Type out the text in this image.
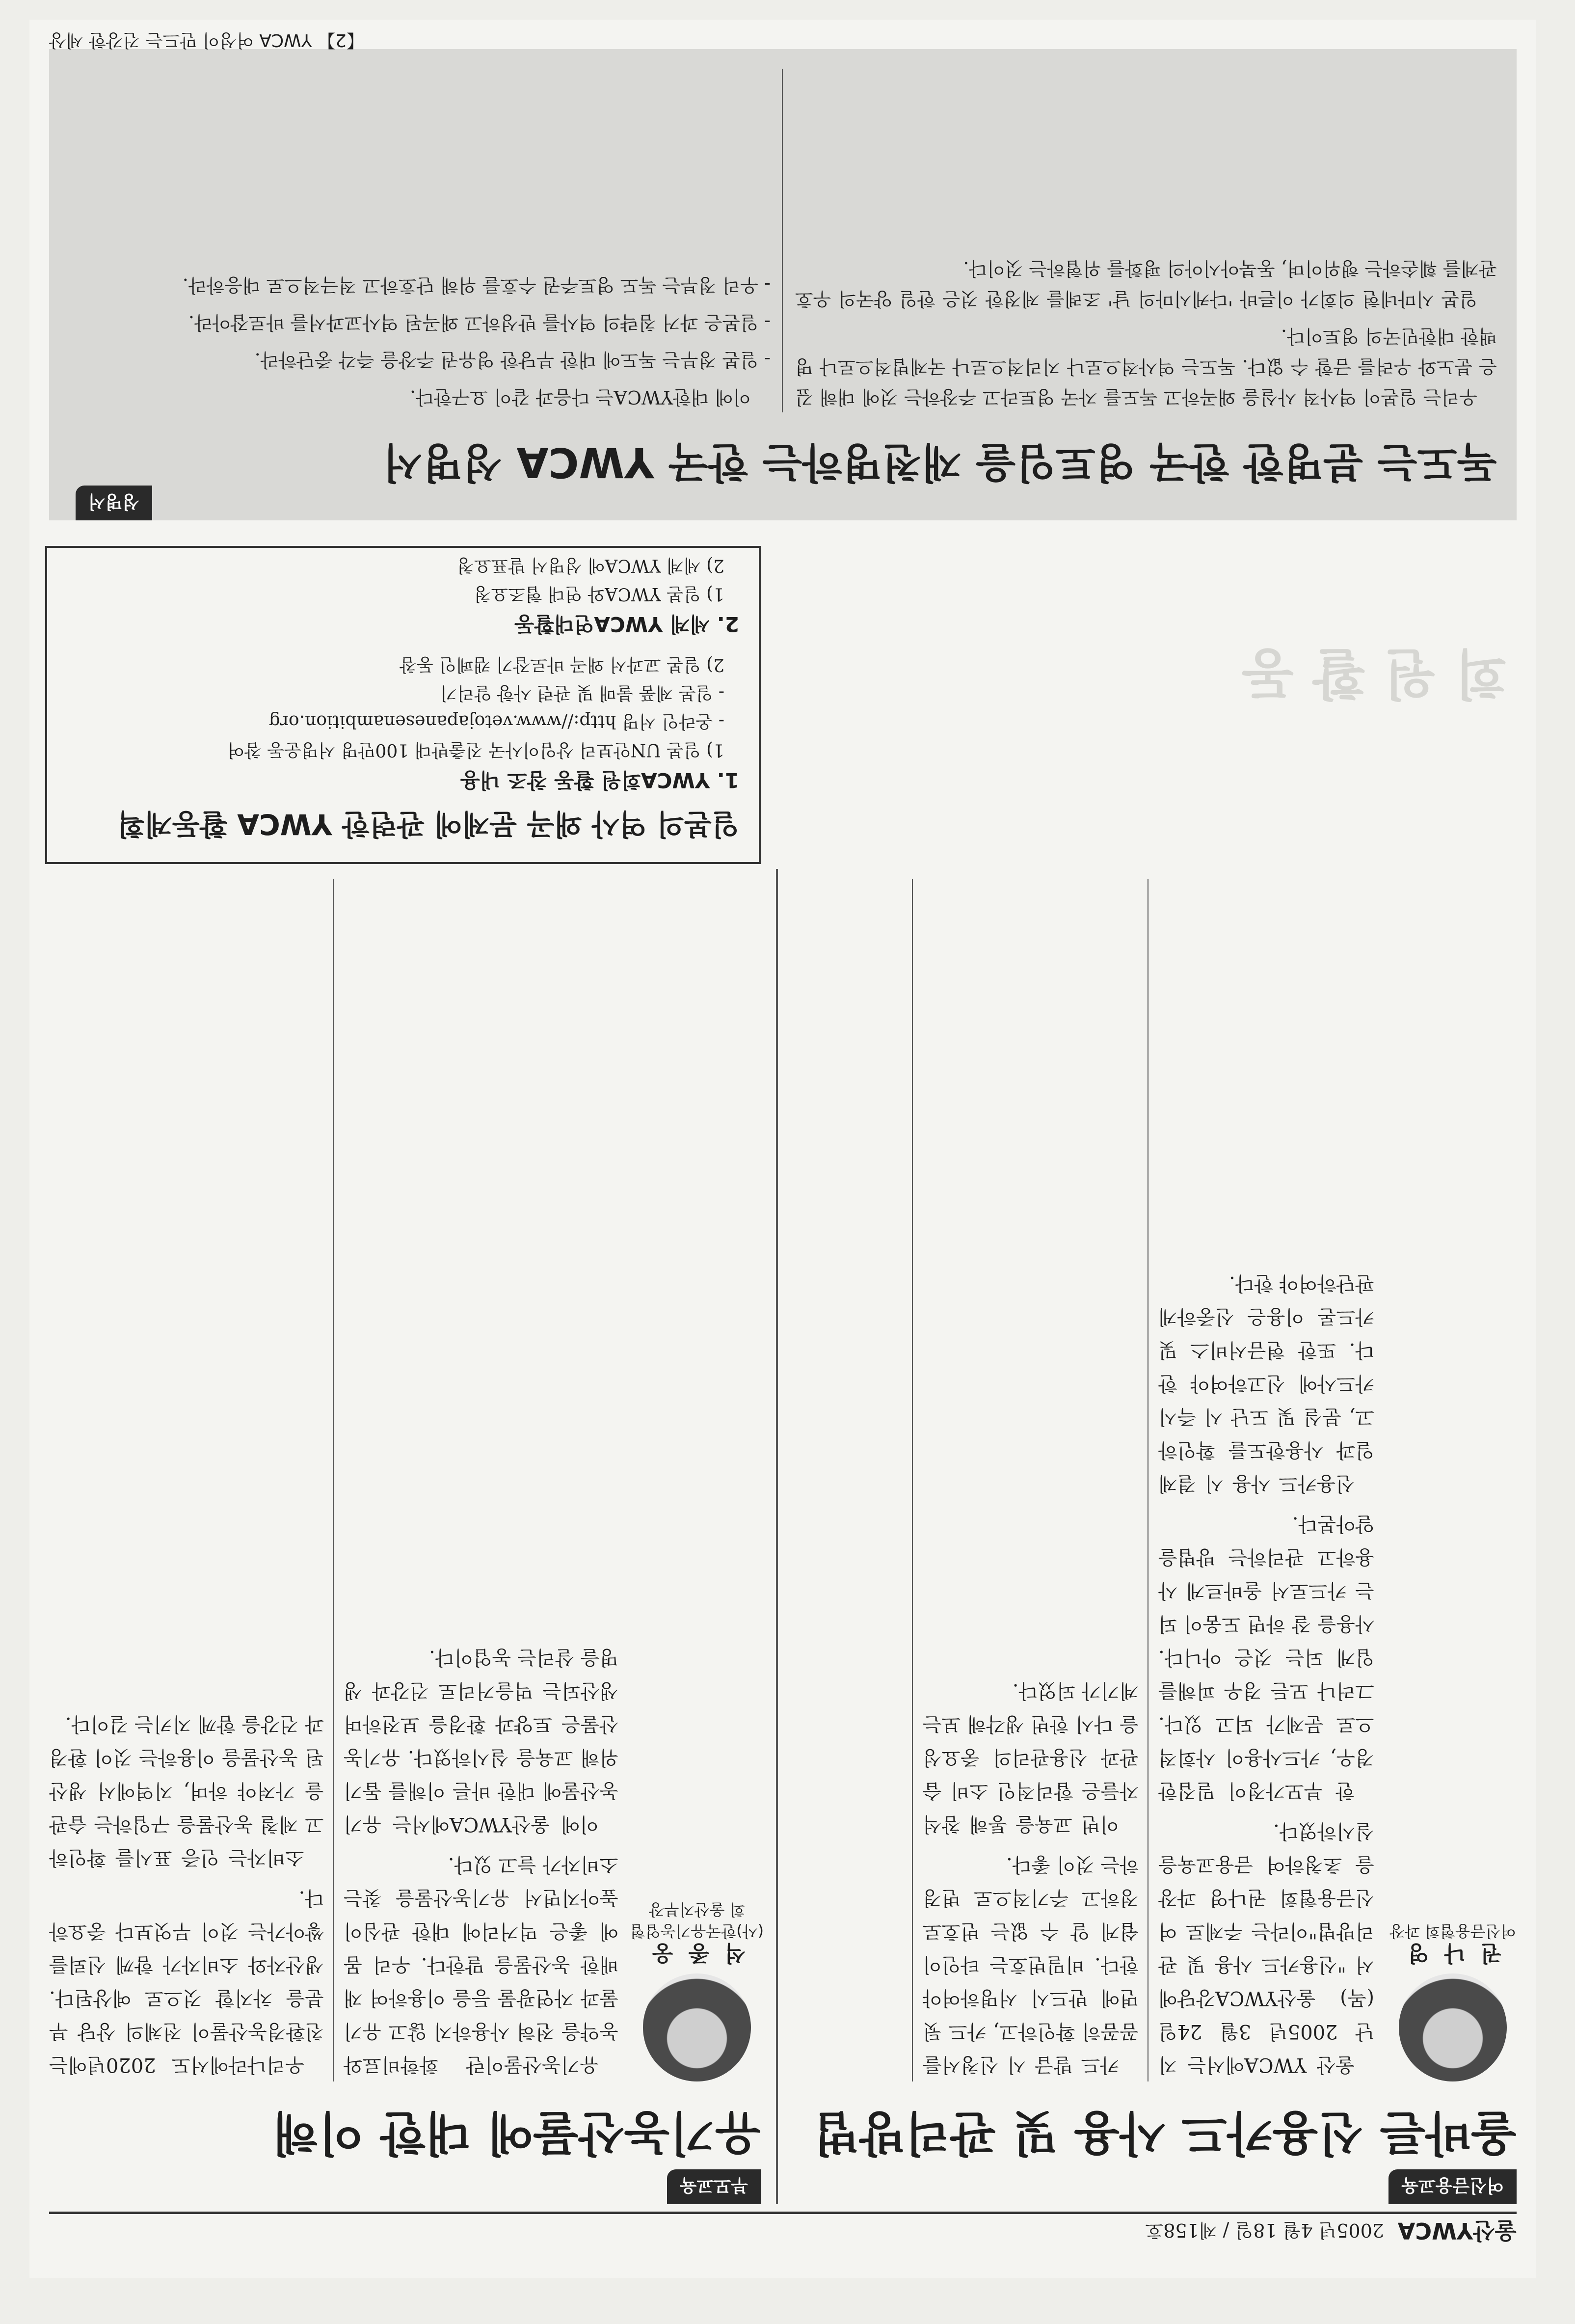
울산YWCA
2005년 4월 18일 / 제158호
여신금융교육
올바른 신용카드 사용 및 관리방법
권 나 영
여신금융협회 과장

울산 YWCA에서는 지난 2005년 3월 24일 (목) 울산YWCA강당에서 "신용카드 사용 및 관리방법"이라는 주제로 여신금융협회 권나영 과장을 초청하여 금융교육을 실시하였다.

한 부모가정이 밀집한 경우, 카드사용이 사회적으로 문제가 되고 있다. 그러나 모든 경우 피해를 입게 되는 것은 아니다. 사용을 잘 하면 도움이 되는 카드로서 올바르게 사용하고 관리하는 방법을 알아본다.

신용카드 사용 시 결제일과 사용한도를 확인하고, 분실 및 도난 시 즉시 카드사에 신고하여야 한다. 또한 현금서비스 및 카드론 이용은 신중하게 판단하여야 한다.

카드 발급 시 신청서를 꼼꼼히 확인하고, 카드 뒷면에 반드시 서명하여야 한다. 비밀번호는 타인이 쉽게 알 수 없는 번호로 정하고 주기적으로 변경하는 것이 좋다.

이번 교육을 통해 참석자들은 합리적인 소비 습관과 신용관리의 중요성을 다시 한번 생각해 보는 계기가 되었다.

부모교육
유기농산물에 대한 이해
석 종 웅
(사)한국유기농업협회 울산지부장

유기농산물이란 화학비료와 농약을 전혀 사용하지 않고 유기물과 자연광물 등을 이용하여 재배한 농산물을 말한다. 우리 몸에 좋은 먹거리에 대한 관심이 높아지면서 유기농산물을 찾는 소비자가 늘고 있다.

이에 울산YWCA에서는 유기농산물에 대한 바른 이해를 돕기 위해 교육을 실시하였다. 유기농산물은 토양과 환경을 보전하며 생산되는 먹을거리로 건강과 생명을 살리는 농업이다.

우리나라에서도 2020년에는 친환경농산물이 전체의 상당 부분을 차지할 것으로 예상된다. 생산자와 소비자가 함께 신뢰를 쌓아가는 것이 무엇보다 중요하다.

소비자는 인증 표시를 확인하고 제철 농산물을 구입하는 습관을 가져야 하며, 지역에서 생산된 농산물을 이용하는 것이 환경과 건강을 함께 지키는 길이다.

일본의 역사 왜곡 문제에 관련한 YWCA 활동계획
1. YWCA회원 활동 참조 내용
1) 일본 UN안보리 상임이사국 진출반대 100만명 서명운동 참여
- 온라인 서명 http://www.vetojapanesenambition.org
- 일본 제품 불매 및 관련 사항 알리기
2) 일본 교과서 왜곡 바로잡기 캠페인 동참
2. 세계 YWCA연대활동
1) 일본 YWCA와 연대 협조요청
2) 세계 YWCA에 성명서 발표요청
회 원 활 동
성명서
독도는 분명한 한국 영토임을 재천명하는 한국 YWCA 성명서

우리는 일본이 역사적 사실을 왜곡하고 독도를 자국 영토라고 주장하는 것에 대해 깊은 분노와 우려를 금할 수 없다. 독도는 역사적으로나 지리적으로나 국제법적으로나 명백한 대한민국의 영토이다.

일본 시마네현 의회가 이른바 '다케시마의 날' 조례를 제정한 것은 한일 양국의 우호관계를 훼손하는 행위이며, 동북아시아의 평화를 위협하는 것이다.

이에 대한YWCA는 다음과 같이 요구한다.

- 일본 정부는 독도에 대한 부당한 영유권 주장을 즉각 중단하라.

- 일본은 과거 침략의 역사를 반성하고 왜곡된 역사교과서를 바로잡아라.

- 우리 정부는 독도 영토주권 수호를 위해 단호하고 적극적으로 대응하라.

【2】 YWCA 여성이 만드는 건강한 세상
